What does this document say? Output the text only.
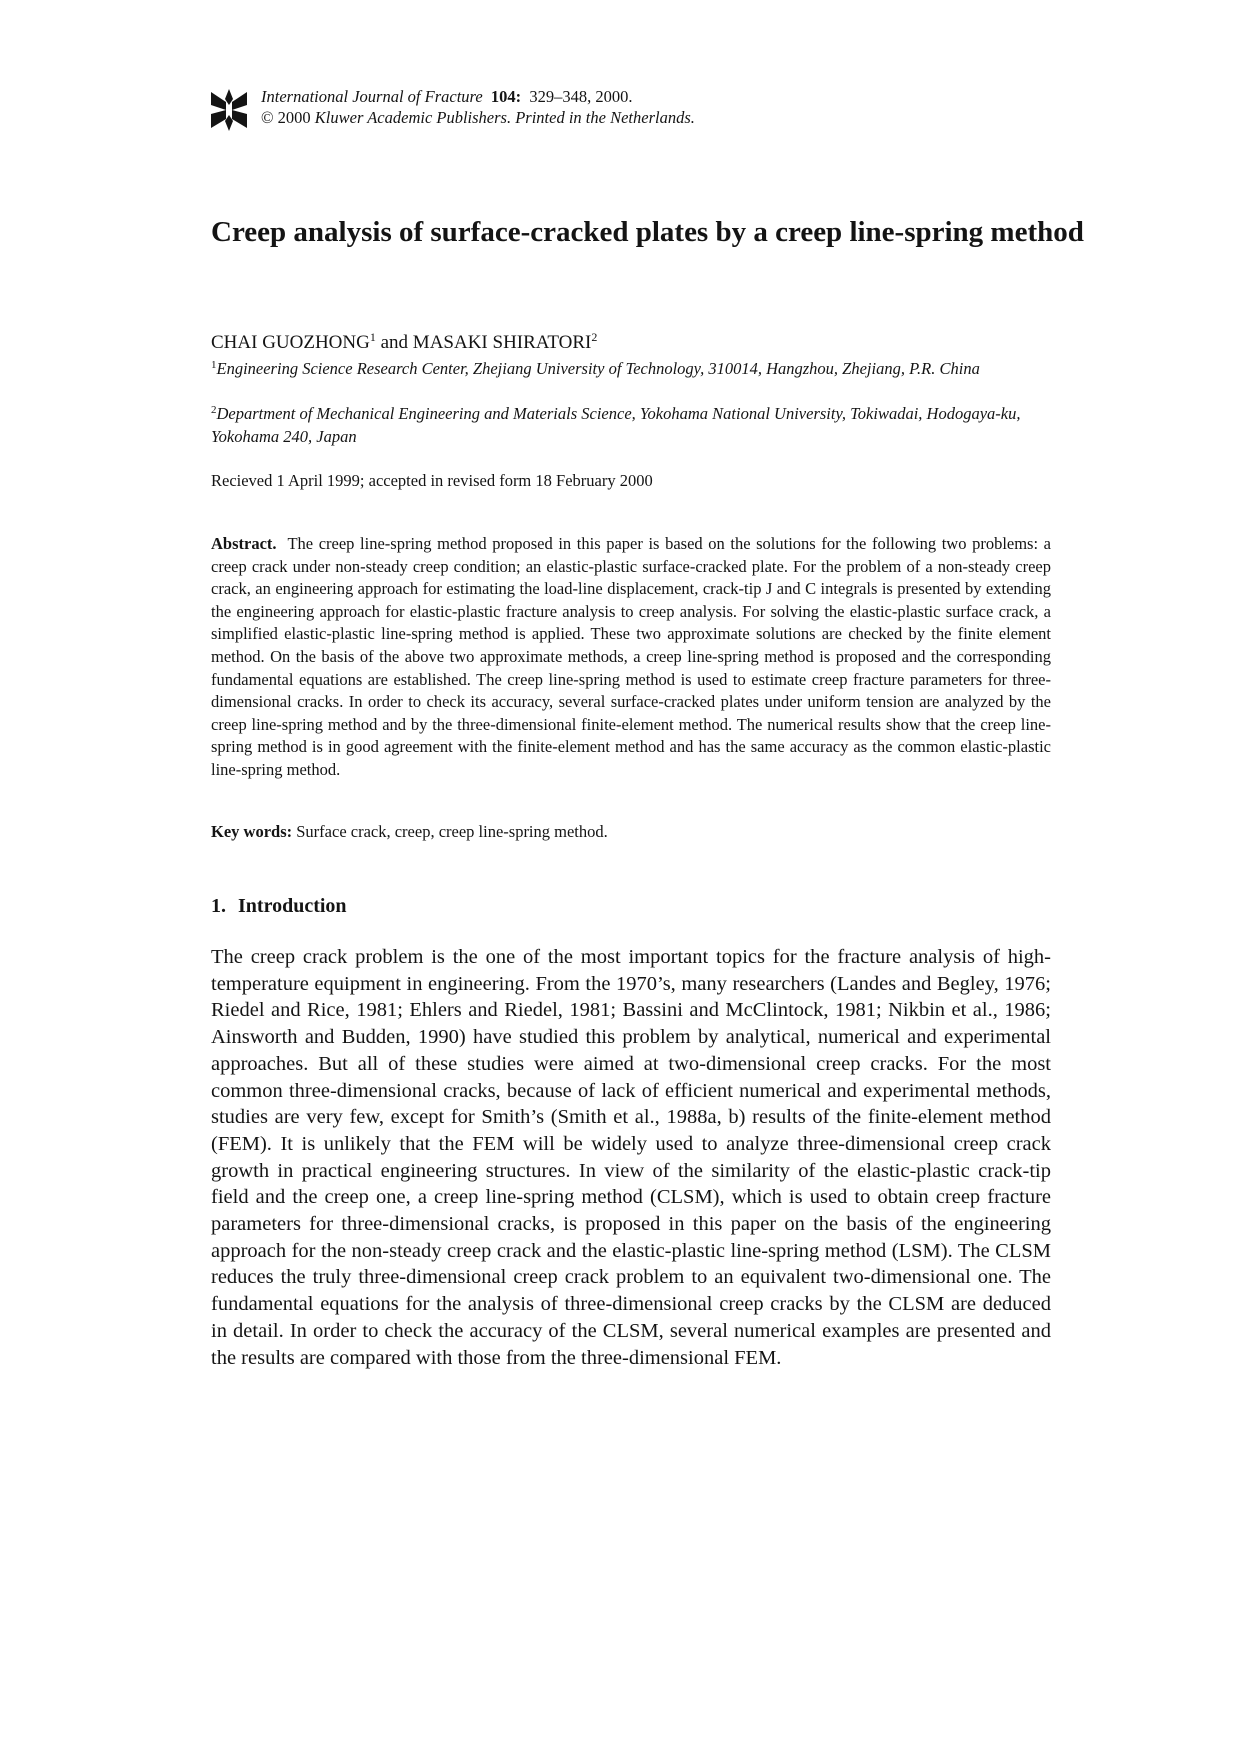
International Journal of Fracture 104: 329–348, 2000.
© 2000 Kluwer Academic Publishers. Printed in the Netherlands.
Creep analysis of surface-cracked plates by a creep line-spring method
CHAI GUOZHONG$^1$ and MASAKI SHIRATORI$^2$
$^1$Engineering Science Research Center, Zhejiang University of Technology, 310014, Hangzhou, Zhejiang, P.R. China
$^2$Department of Mechanical Engineering and Materials Science, Yokohama National University, Tokiwadai, Hodogaya-ku, Yokohama 240, Japan
Recieved 1 April 1999; accepted in revised form 18 February 2000

Abstract. The creep line-spring method proposed in this paper is based on the solutions for the following two problems: a creep crack under non-steady creep condition; an elastic-plastic surface-cracked plate. For the problem of a non-steady creep crack, an engineering approach for estimating the load-line displacement, crack-tip J and C integrals is presented by extending the engineering approach for elastic-plastic fracture analysis to creep analysis. For solving the elastic-plastic surface crack, a simplified elastic-plastic line-spring method is applied. These two approximate solutions are checked by the finite element method. On the basis of the above two approximate methods, a creep line-spring method is proposed and the corresponding fundamental equations are established. The creep line-spring method is used to estimate creep fracture parameters for three-dimensional cracks. In order to check its accuracy, several surface-cracked plates under uniform tension are analyzed by the creep line-spring method and by the three-dimensional finite-element method. The numerical results show that the creep line-spring method is in good agreement with the finite-element method and has the same accuracy as the common elastic-plastic line-spring method.

Key words: Surface crack, creep, creep line-spring method.
1. Introduction

The creep crack problem is the one of the most important topics for the fracture analysis of high-temperature equipment in engineering. From the 1970’s, many researchers (Landes and Begley, 1976; Riedel and Rice, 1981; Ehlers and Riedel, 1981; Bassini and McClintock, 1981; Nikbin et al., 1986; Ainsworth and Budden, 1990) have studied this problem by analytical, numerical and experimental approaches. But all of these studies were aimed at two-dimensional creep cracks. For the most common three-dimensional cracks, because of lack of efficient numerical and experimental methods, studies are very few, except for Smith’s (Smith et al., 1988a, b) results of the finite-element method (FEM). It is unlikely that the FEM will be widely used to analyze three-dimensional creep crack growth in practical engineering structures. In view of the similarity of the elastic-plastic crack-tip field and the creep one, a creep line-spring method (CLSM), which is used to obtain creep fracture parameters for three-dimensional cracks, is proposed in this paper on the basis of the engineering approach for the non-steady creep crack and the elastic-plastic line-spring method (LSM). The CLSM reduces the truly three-dimensional creep crack problem to an equivalent two-dimensional one. The fundamental equations for the analysis of three-dimensional creep cracks by the CLSM are deduced in detail. In order to check the accuracy of the CLSM, several numerical examples are presented and the results are compared with those from the three-dimensional FEM.
